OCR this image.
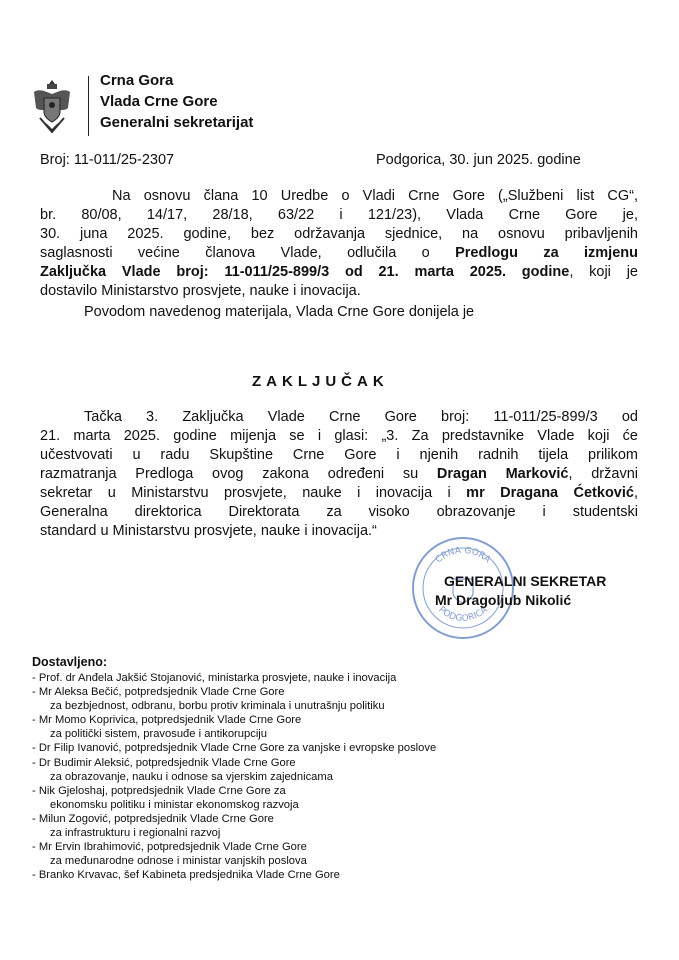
Crna Gora
Vlada Crne Gore
Generalni sekretarijat
Broj: 11-011/25-2307	Podgorica, 30. jun 2025. godine
Na osnovu člana 10 Uredbe o Vladi Crne Gore („Službeni list CG“,
br. 80/08, 14/17, 28/18, 63/22 i 121/23), Vlada Crne Gore je,
30. juna 2025. godine, bez održavanja sjednice, na osnovu pribavljenih
saglasnosti većine članova Vlade, odlučila o Predlogu za izmjenu
Zaključka Vlade broj: 11-011/25-899/3 od 21. marta 2025. godine, koji je
dostavilo Ministarstvo prosvjete, nauke i inovacija.
Povodom navedenog materijala, Vlada Crne Gore donijela je
ZAKLJUČAK
Tačka 3. Zaključka Vlade Crne Gore broj: 11-011/25-899/3 od
21. marta 2025. godine mijenja se i glasi: „3. Za predstavnike Vlade koji će
učestvovati u radu Skupštine Crne Gore i njenih radnih tijela prilikom
razmatranja Predloga ovog zakona određeni su Dragan Marković, državni
sekretar u Ministarstvu prosvjete, nauke i inovacija i mr Dragana Ćetković,
Generalna direktorica Direktorata za visoko obrazovanje i studentski
standard u Ministarstvu prosvjete, nauke i inovacija.“
CRNA GORA
PODGORICA
GENERALNI SEKRETAR
Mr Dragoljub Nikolić
Dostavljeno:
- Prof. dr Anđela Jakšić Stojanović, ministarka prosvjete, nauke i inovacija
- Mr Aleksa Bečić, potpredsjednik Vlade Crne Gore
za bezbjednost, odbranu, borbu protiv kriminala i unutrašnju politiku
- Mr Momo Koprivica, potpredsjednik Vlade Crne Gore
za politički sistem, pravosuđe i antikorupciju
- Dr Filip Ivanović, potpredsjednik Vlade Crne Gore za vanjske i evropske poslove
- Dr Budimir Aleksić, potpredsjednik Vlade Crne Gore
za obrazovanje, nauku i odnose sa vjerskim zajednicama
- Nik Gjeloshaj, potpredsjednik Vlade Crne Gore za
ekonomsku politiku i ministar ekonomskog razvoja
- Milun Zogović, potpredsjednik Vlade Crne Gore
za infrastrukturu i regionalni razvoj
- Mr Ervin Ibrahimović, potpredsjednik Vlade Crne Gore
za međunarodne odnose i ministar vanjskih poslova
- Branko Krvavac, šef Kabineta predsjednika Vlade Crne Gore
